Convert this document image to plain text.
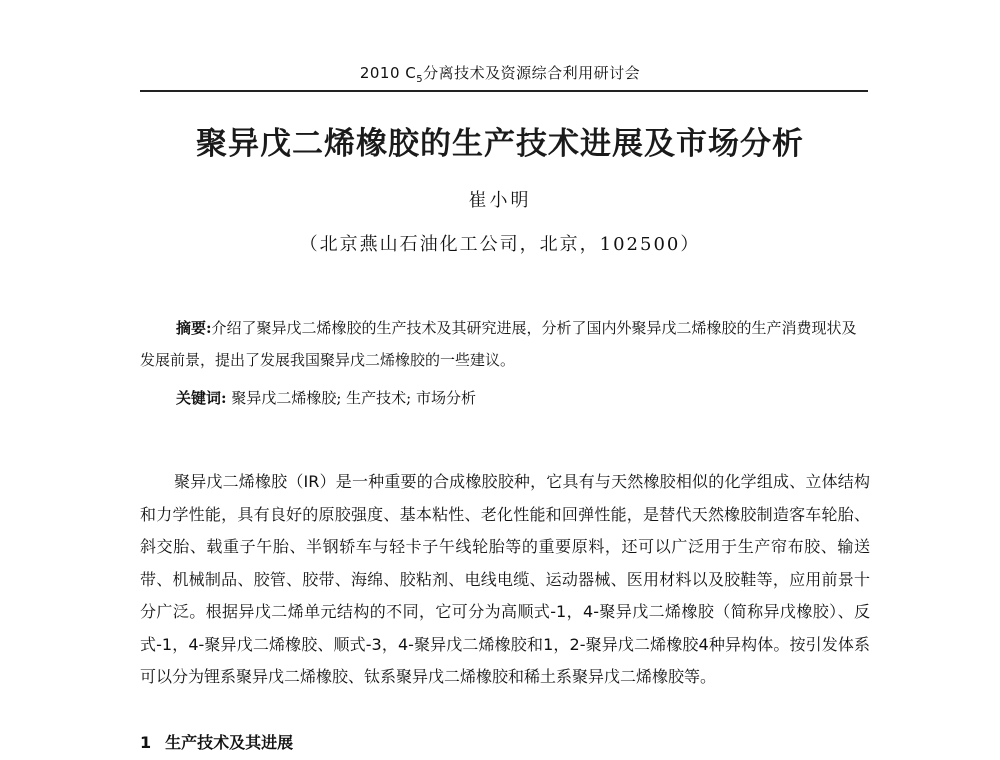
2010 $C_5$分离技术及资源综合利用研讨会
聚异戊二烯橡胶的生产技术进展及市场分析
崔小明
（北京燕山石油化工公司，北京，102500）
摘要:介绍了聚异戊二烯橡胶的生产技术及其研究进展，分析了国内外聚异戊二烯橡胶的生产消费现状及发展前景，提出了发展我国聚异戊二烯橡胶的一些建议。
关键词: 聚异戊二烯橡胶; 生产技术; 市场分析
聚异戊二烯橡胶（IR）是一种重要的合成橡胶胶种，它具有与天然橡胶相似的化学组成、立体结构和力学性能，具有良好的原胶强度、基本粘性、老化性能和回弹性能，是替代天然橡胶制造客车轮胎、斜交胎、载重子午胎、半钢轿车与轻卡子午线轮胎等的重要原料，还可以广泛用于生产帘布胶、输送带、机械制品、胶管、胶带、海绵、胶粘剂、电线电缆、运动器械、医用材料以及胶鞋等，应用前景十分广泛。根据异戊二烯单元结构的不同，它可分为高顺式-1，4-聚异戊二烯橡胶（简称异戊橡胶）、反式-1，4-聚异戊二烯橡胶、顺式-3，4-聚异戊二烯橡胶和1，2-聚异戊二烯橡胶4种异构体。按引发体系可以分为锂系聚异戊二烯橡胶、钛系聚异戊二烯橡胶和稀土系聚异戊二烯橡胶等。
1 生产技术及其进展
